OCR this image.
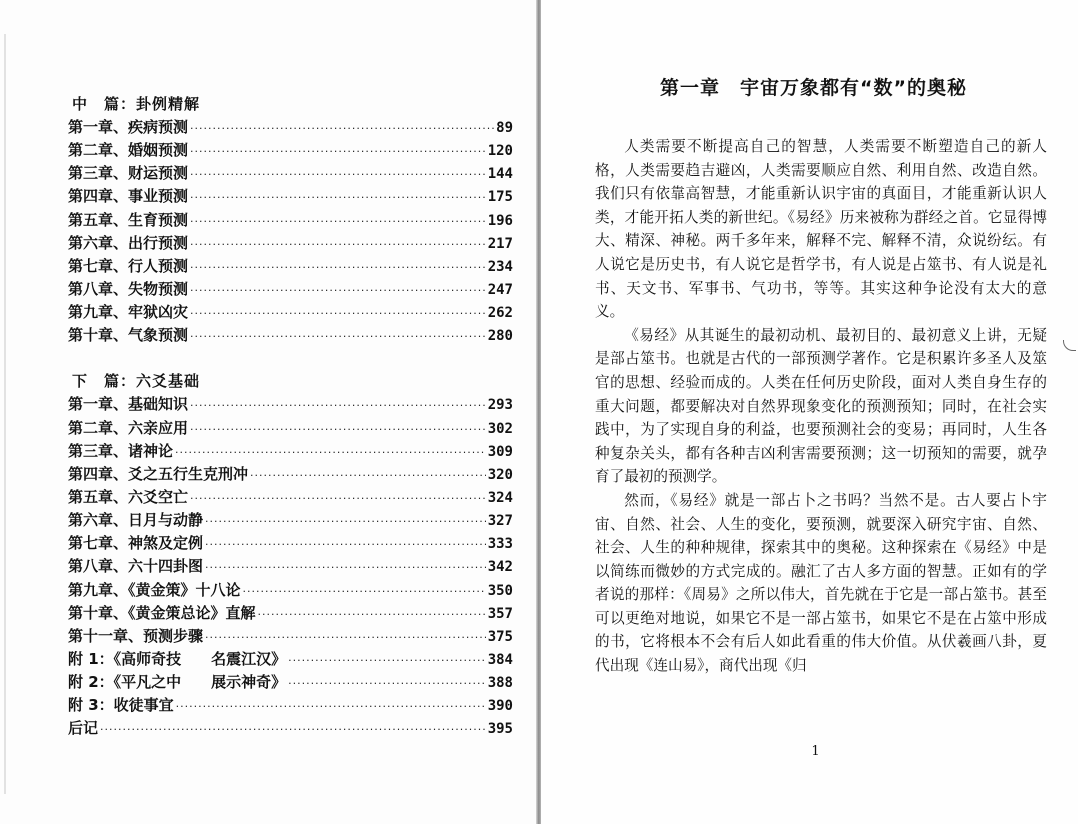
中　篇：卦例精解
第一章、疾病预测 ·····	89
第二章、婚姻预测 ·····	120
第三章、财运预测 ·····	144
第四章、事业预测 ·····	175
第五章、生育预测 ·····	196
第六章、出行预测 ·····	217
第七章、行人预测 ·····	234
第八章、失物预测 ·····	247
第九章、牢狱凶灾 ·····	262
第十章、气象预测 ·····	280
下　篇：六爻基础
第一章、基础知识 ·····	293
第二章、六亲应用 ·····	302
第三章、诸神论 ·····	309
第四章、爻之五行生克刑冲 ·····	320
第五章、六爻空亡 ·····	324
第六章、日月与动静 ·····	327
第七章、神煞及定例 ·····	333
第八章、六十四卦图 ·····	342
第九章、《黄金策》十八论 ·····	350
第十章、《黄金策总论》直解 ·····	357
第十一章、预测步骤 ·····	375
附 1：《高师奇技　　名震江汉》 ·····	384
附 2：《平凡之中　　展示神奇》 ·····	388
附 3：收徒事宜 ·····	390
后记 ·····	395
第一章　宇宙万象都有“数”的奥秘

人类需要不断提高自己的智慧，人类需要不断塑造自己的新人格，人类需要趋吉避凶，人类需要顺应自然、利用自然、改造自然。我们只有依靠高智慧，才能重新认识宇宙的真面目，才能重新认识人类，才能开拓人类的新世纪。《易经》历来被称为群经之首。它显得博大、精深、神秘。两千多年来，解释不完、解释不清，众说纷纭。有人说它是历史书，有人说它是哲学书，有人说是占筮书、有人说是礼书、天文书、军事书、气功书，等等。其实这种争论没有太大的意义。

《易经》从其诞生的最初动机、最初目的、最初意义上讲，无疑是部占筮书。也就是古代的一部预测学著作。它是积累许多圣人及筮官的思想、经验而成的。人类在任何历史阶段，面对人类自身生存的重大问题，都要解决对自然界现象变化的预测预知；同时，在社会实践中，为了实现自身的利益，也要预测社会的变易；再同时，人生各种复杂关头，都有各种吉凶利害需要预测；这一切预知的需要，就孕育了最初的预测学。

然而，《易经》就是一部占卜之书吗？当然不是。古人要占卜宇宙、自然、社会、人生的变化，要预测，就要深入研究宇宙、自然、社会、人生的种种规律，探索其中的奥秘。这种探索在《易经》中是以简练而微妙的方式完成的。融汇了古人多方面的智慧。正如有的学者说的那样：《周易》之所以伟大，首先就在于它是一部占筮书。甚至可以更绝对地说，如果它不是一部占筮书，如果它不是在占筮中形成的书，它将根本不会有后人如此看重的伟大价值。从伏羲画八卦，夏代出现《连山易》，商代出现《归

1
